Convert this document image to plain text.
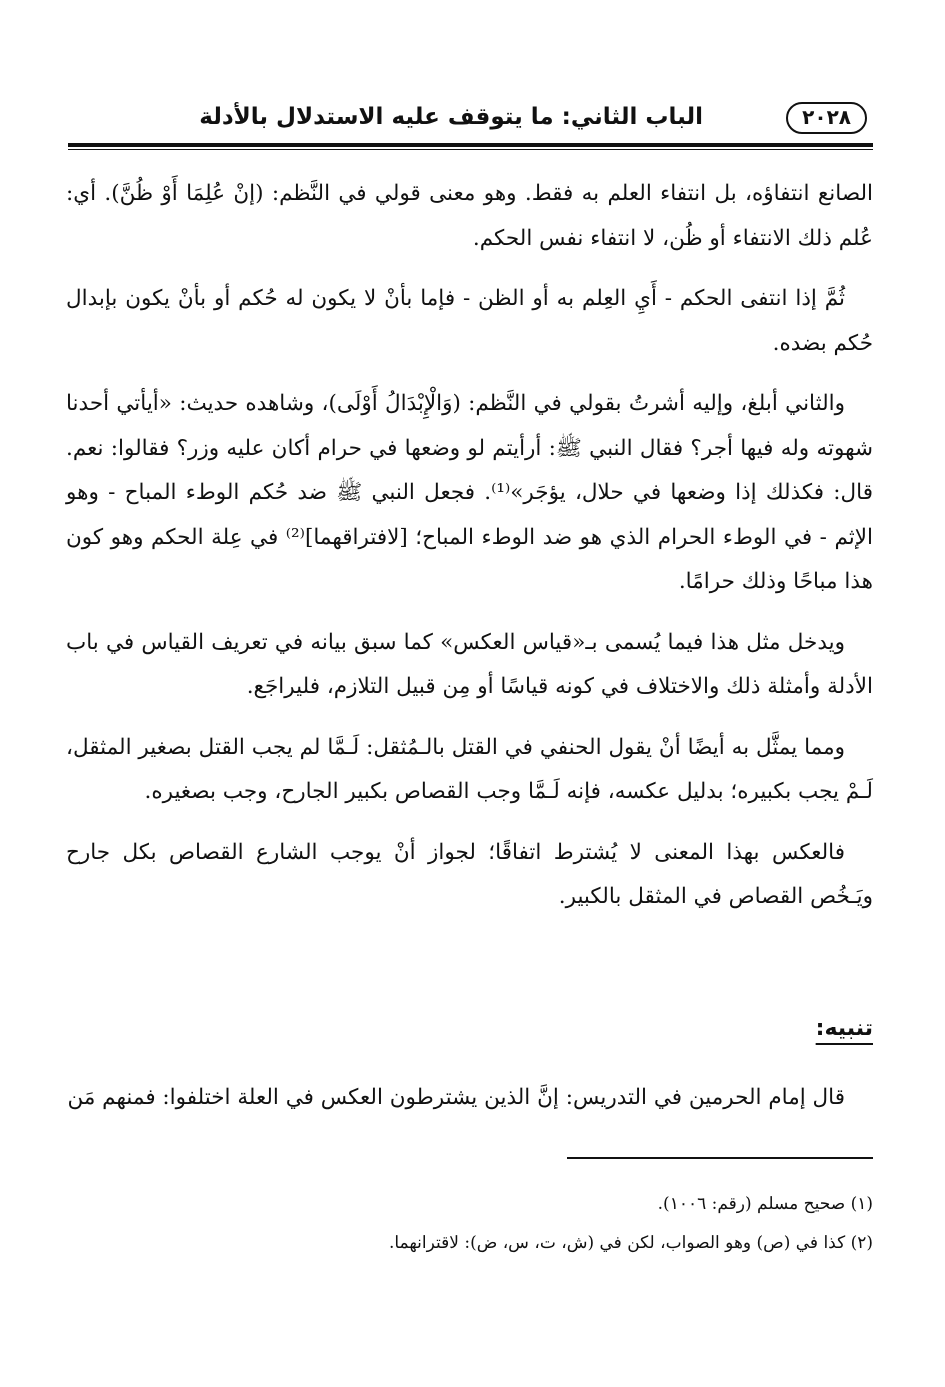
٢٠٢٨
الباب الثاني: ما يتوقف عليه الاستدلال بالأدلة

الصانع انتفاؤه، بل انتفاء العلم به فقط. وهو معنى قولي في النَّظم: (إنْ عُلِمَا أَوْ ظُنَّ). أي: عُلم ذلك الانتفاء أو ظُن، لا انتفاء نفس الحكم.

ثُمَّ إذا انتفى الحكم - أَيِ العِلم به أو الظن - فإما بأنْ لا يكون له حُكم أو بأنْ يكون بإبدال حُكم بضده.

والثاني أبلغ، وإليه أشرتُ بقولي في النَّظم: (وَالْإِبْدَالُ أَوْلَى)، وشاهده حديث: «أيأتي أحدنا شهوته وله فيها أجر؟ فقال النبي ﷺ: أرأيتم لو وضعها في حرام أكان عليه وزر؟ فقالوا: نعم. قال: فكذلك إذا وضعها في حلال، يؤجَر»⁽¹⁾. فجعل النبي ﷺ ضد حُكم الوطء المباح - وهو الإثم - في الوطء الحرام الذي هو ضد الوطء المباح؛ [لافتراقهما]⁽²⁾ في عِلة الحكم وهو كون هذا مباحًا وذلك حرامًا.

ويدخل مثل هذا فيما يُسمى بـ«قياس العكس» كما سبق بيانه في تعريف القياس في باب الأدلة وأمثلة ذلك والاختلاف في كونه قياسًا أو مِن قبيل التلازم، فليراجَع.

ومما يمثَّل به أيضًا أنْ يقول الحنفي في القتل بالـمُثقل: لَـمَّا لم يجب القتل بصغير المثقل، لَـمْ يجب بكبيره؛ بدليل عكسه، فإنه لَـمَّا وجب القصاص بكبير الجارح، وجب بصغيره.

فالعكس بهذا المعنى لا يُشترط اتفاقًا؛ لجواز أنْ يوجب الشارع القصاص بكل جارح ويَـخُص القصاص في المثقل بالكبير.

تنبيه:

قال إمام الحرمين في التدريس: إنَّ الذين يشترطون العكس في العلة اختلفوا: فمنهم مَن

(١) صحيح مسلم (رقم: ١٠٠٦).

(٢) كذا في (ص) وهو الصواب، لكن في (ش، ت، س، ض): لاقترانهما.
